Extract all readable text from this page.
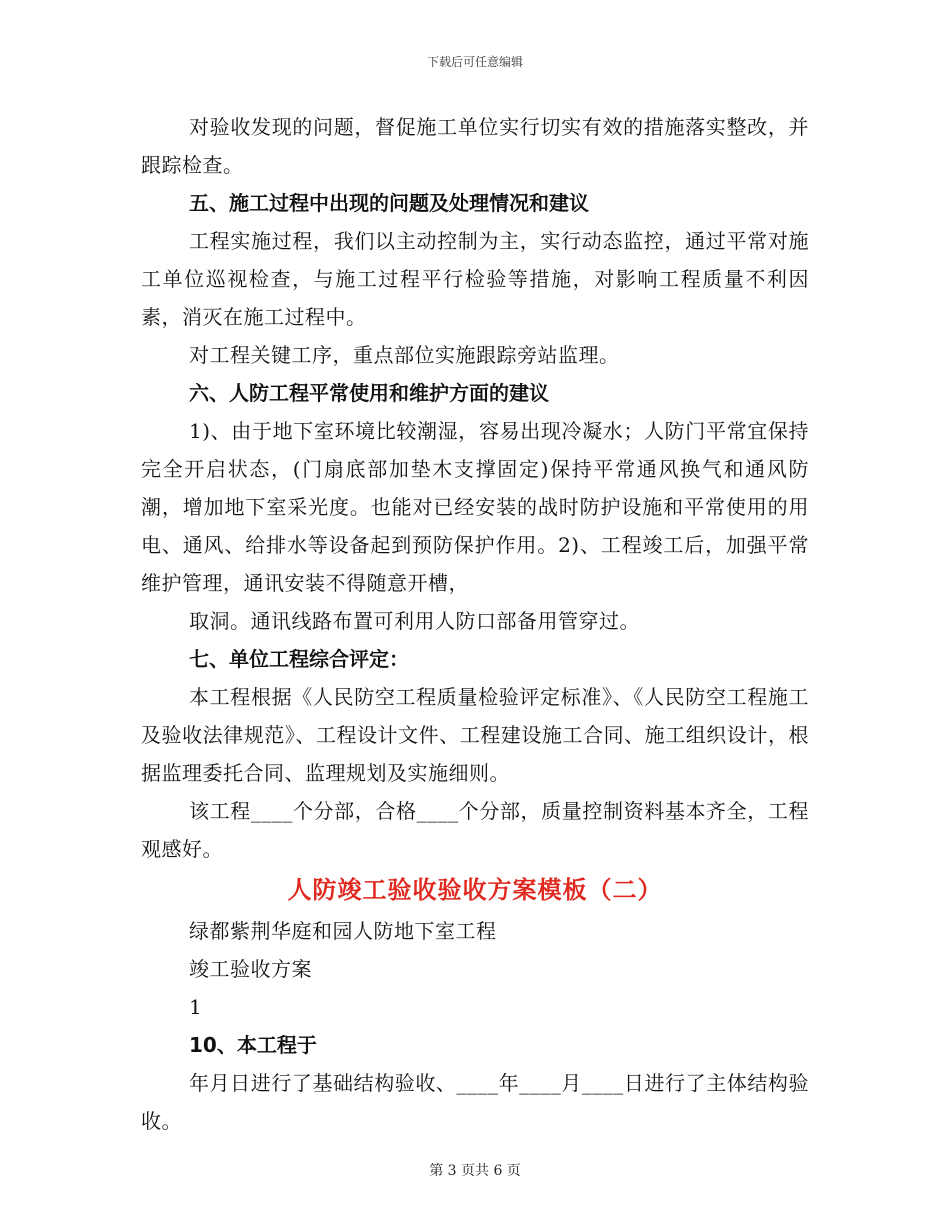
下载后可任意编辑

对验收发现的问题，督促施工单位实行切实有效的措施落实整改，并跟踪检查。

五、施工过程中出现的问题及处理情况和建议

工程实施过程，我们以主动控制为主，实行动态监控，通过平常对施工单位巡视检查，与施工过程平行检验等措施，对影响工程质量不利因素，消灭在施工过程中。

对工程关键工序，重点部位实施跟踪旁站监理。

六、人防工程平常使用和维护方面的建议

1)、由于地下室环境比较潮湿，容易出现冷凝水；人防门平常宜保持完全开启状态，(门扇底部加垫木支撑固定)保持平常通风换气和通风防潮，增加地下室采光度。也能对已经安装的战时防护设施和平常使用的用电、通风、给排水等设备起到预防保护作用。2)、工程竣工后，加强平常维护管理，通讯安装不得随意开槽，

取洞。通讯线路布置可利用人防口部备用管穿过。

七、单位工程综合评定：

本工程根据《人民防空工程质量检验评定标准》、《人民防空工程施工及验收法律规范》、工程设计文件、工程建设施工合同、施工组织设计，根据监理委托合同、监理规划及实施细则。

该工程____个分部，合格____个分部，质量控制资料基本齐全，工程观感好。

人防竣工验收验收方案模板（二）

绿都紫荆华庭和园人防地下室工程

竣工验收方案

1

10、本工程于

年月日进行了基础结构验收、____年____月____日进行了主体结构验收。

第 3 页共 6 页
